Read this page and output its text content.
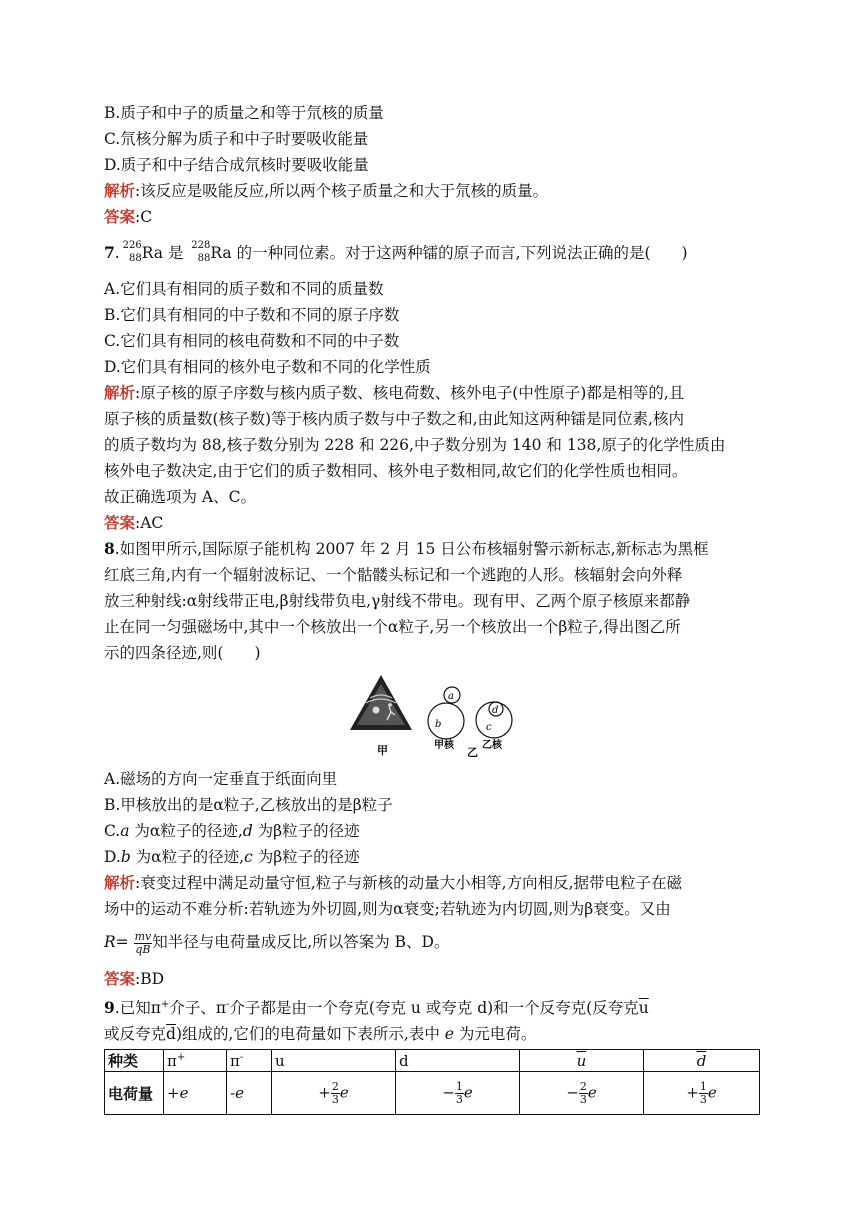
B.质子和中子的质量之和等于氘核的质量
C.氘核分解为质子和中子时要吸收能量
D.质子和中子结合成氘核时要吸收能量
解析:该反应是吸能反应,所以两个核子质量之和大于氘核的质量。
答案:C
7. 226
88 Ra 是 228
88 Ra 的一种同位素。对于这两种镭的原子而言,下列说法正确的是(　　)
A.它们具有相同的质子数和不同的质量数
B.它们具有相同的中子数和不同的原子序数
C.它们具有相同的核电荷数和不同的中子数
D.它们具有相同的核外电子数和不同的化学性质
解析:原子核的原子序数与核内质子数、核电荷数、核外电子(中性原子)都是相等的,且
原子核的质量数(核子数)等于核内质子数与中子数之和,由此知这两种镭是同位素,核内
的质子数均为 88,核子数分别为 228 和 226,中子数分别为 140 和 138,原子的化学性质由
核外电子数决定,由于它们的质子数相同、核外电子数相同,故它们的化学性质也相同。
故正确选项为 A、C。
答案:AC
8.如图甲所示,国际原子能机构 2007 年 2 月 15 日公布核辐射警示新标志,新标志为黑框
红底三角,内有一个辐射波标记、一个骷髅头标记和一个逃跑的人形。核辐射会向外释
放三种射线:α射线带正电,β射线带负电,γ射线不带电。现有甲、乙两个原子核原来都静
止在同一匀强磁场中,其中一个核放出一个α粒子,另一个核放出一个β粒子,得出图乙所
示的四条径迹,则(　　)
甲
a
b
甲核
d
c
乙核
乙
A.磁场的方向一定垂直于纸面向里
B.甲核放出的是α粒子,乙核放出的是β粒子
C.a 为α粒子的径迹,d 为β粒子的径迹
D.b 为α粒子的径迹,c 为β粒子的径迹
解析:衰变过程中满足动量守恒,粒子与新核的动量大小相等,方向相反,据带电粒子在磁
场中的运动不难分析:若轨迹为外切圆,则为α衰变;若轨迹为内切圆,则为β衰变。又由
$R= \frac{mv}{qB}$ 知半径与电荷量成反比,所以答案为 B、D。
答案:BD
9.已知π+介子、π-介子都是由一个夸克(夸克 u 或夸克 d)和一个反夸克(反夸克$\overline{u}$
或反夸克$\overline{d}$)组成的,它们的电荷量如下表所示,表中 e 为元电荷。
种类	π+	π-	u	d	$\overline{u}$	$\overline{d}$
电荷量	+e	-e	+ $\frac{2}{3}$ e	− $\frac{1}{3}$ e	− $\frac{2}{3}$ e	+ $\frac{1}{3}$ e
